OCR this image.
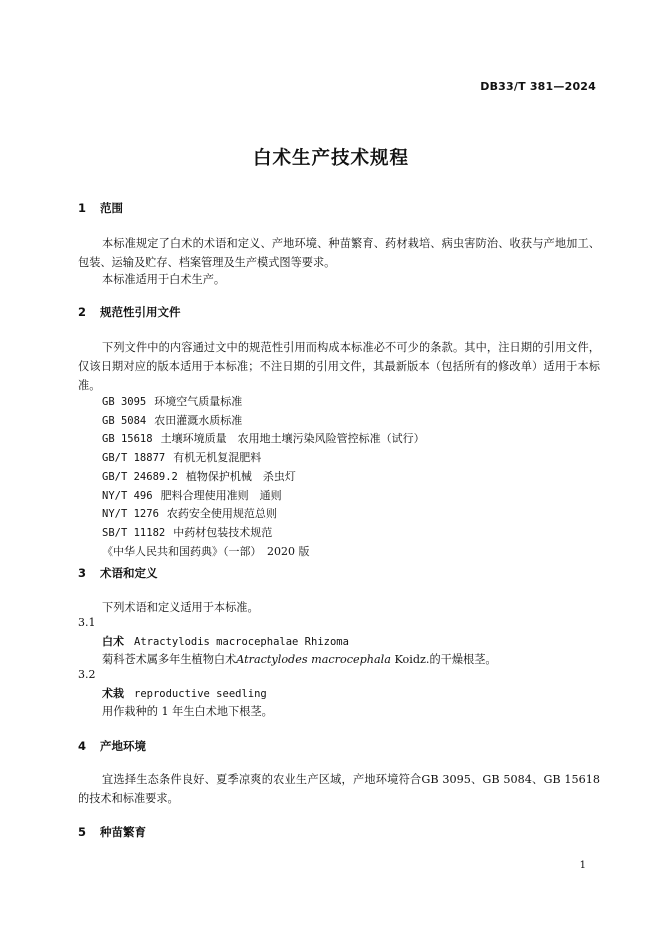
DB33/T 381—2024
白术生产技术规程
1 范围

本标准规定了白术的术语和定义、产地环境、种苗繁育、药材栽培、病虫害防治、收获与产地加工、包装、运输及贮存、档案管理及生产模式图等要求。

本标准适用于白术生产。

2 规范性引用文件

下列文件中的内容通过文中的规范性引用而构成本标准必不可少的条款。其中，注日期的引用文件，仅该日期对应的版本适用于本标准；不注日期的引用文件，其最新版本（包括所有的修改单）适用于本标准。

GB 3095 环境空气质量标准
GB 5084 农田灌溉水质标准
GB 15618 土壤环境质量　农用地土壤污染风险管控标准（试行）
GB/T 18877 有机无机复混肥料
GB/T 24689.2 植物保护机械　杀虫灯
NY/T 496 肥料合理使用准则　通则
NY/T 1276 农药安全使用规范总则
SB/T 11182 中药材包装技术规范
《中华人民共和国药典》（一部）　2020 版
3 术语和定义
下列术语和定义适用于本标准。
3.1
白术 Atractylodis macrocephalae Rhizoma
菊科苍术属多年生植物白术Atractylodes macrocephala Koidz.的干燥根茎。
3.2
术栽 reproductive seedling
用作栽种的 1 年生白术地下根茎。
4 产地环境

宜选择生态条件良好、夏季凉爽的农业生产区域，产地环境符合GB 3095、GB 5084、GB 15618的技术和标准要求。

5 种苗繁育
1
